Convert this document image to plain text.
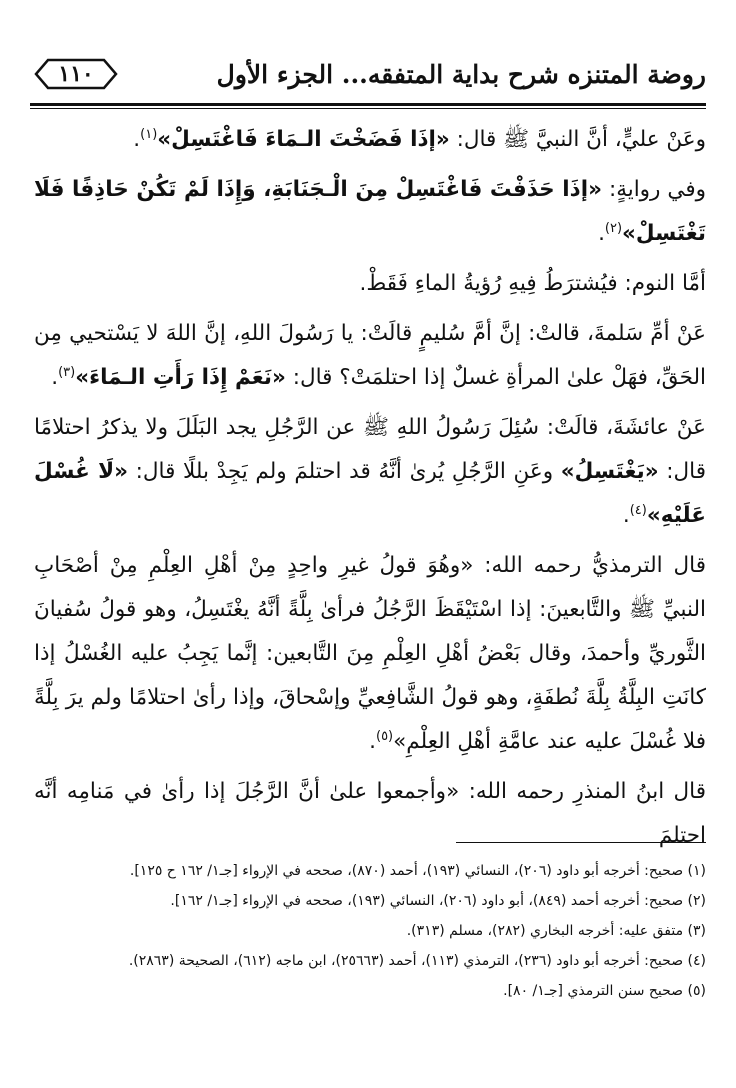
١١٠	روضة المتنزه شرح بداية المتفقه... الجزء الأول

وعَنْ عليٍّ، أنَّ النبيَّ ﷺ قال: «إذَا فَضَخْتَ الـمَاءَ فَاغْتَسِلْ»$^{(١)}$.

وفي روايةٍ: «إذَا حَذَفْتَ فَاغْتَسِلْ مِنَ الْـجَنَابَةِ، وَإِذَا لَمْ تَكُنْ حَاذِفًا فَلَا تَغْتَسِلْ»$^{(٢)}$.

أمَّا النوم: فيُشترَطُ فِيهِ رُؤيةُ الماءِ فَقَطْ.

عَنْ أمِّ سَلمةَ، قالتْ: إنَّ أمَّ سُليمٍ قالَتْ: يا رَسُولَ اللهِ، إنَّ اللهَ لا يَسْتحيي مِن الحَقِّ، فهَلْ علىٰ المرأةِ غسلٌ إذا احتلمَتْ؟ قال: «نَعَمْ إِذَا رَأَتِ الـمَاءَ»$^{(٣)}$.

عَنْ عائشَةَ، قالَتْ: سُئِلَ رَسُولُ اللهِ ﷺ عن الرَّجُلِ يجد البَلَلَ ولا يذكرُ احتلامًا قال: «يَغْتَسِلُ» وعَنِ الرَّجُلِ يُرىٰ أنَّهُ قد احتلمَ ولم يَجِدْ بللًا قال: «لَا غُسْلَ عَلَيْهِ»$^{(٤)}$.

قال الترمذيُّ رحمه الله: «وهُوَ قولُ غيرِ واحِدٍ مِنْ أهْلِ العِلْمِ مِنْ أصْحَابِ النبيِّ ﷺ والتَّابعينَ: إذا اسْتَيْقَظَ الرَّجُلُ فرأىٰ بِلَّةً أنَّهُ يغْتَسِلُ، وهو قولُ سُفيانَ الثَّوريِّ وأحمدَ، وقال بَعْضُ أهْلِ العِلْمِ مِنَ التَّابعين: إنَّما يَجِبُ عليه الغُسْلُ إذا كانَتِ البِلَّةُ بِلَّةَ نُطفَةٍ، وهو قولُ الشَّافِعيِّ وإسْحاقَ، وإذا رأىٰ احتلامًا ولم يرَ بِلَّةً فلا غُسْلَ عليه عند عامَّةِ أهْلِ العِلْمِ»$^{(٥)}$.

قال ابنُ المنذرِ رحمه الله: «وأجمعوا علىٰ أنَّ الرَّجُلَ إذا رأىٰ في مَنامِه أنَّه احتلمَ

(١) صحيح: أخرجه أبو داود (٢٠٦)، النسائي (١٩٣)، أحمد (٨٧٠)، صححه في الإرواء [جـ١/ ١٦٢ ح ١٢٥].

(٢) صحيح: أخرجه أحمد (٨٤٩)، أبو داود (٢٠٦)، النسائي (١٩٣)، صححه في الإرواء [جـ١/ ١٦٢].

(٣) متفق عليه: أخرجه البخاري (٢٨٢)، مسلم (٣١٣).

(٤) صحيح: أخرجه أبو داود (٢٣٦)، الترمذي (١١٣)، أحمد (٢٥٦٦٣)، ابن ماجه (٦١٢)، الصحيحة (٢٨٦٣).

(٥) صحيح سنن الترمذي [جـ١/ ٨٠].
